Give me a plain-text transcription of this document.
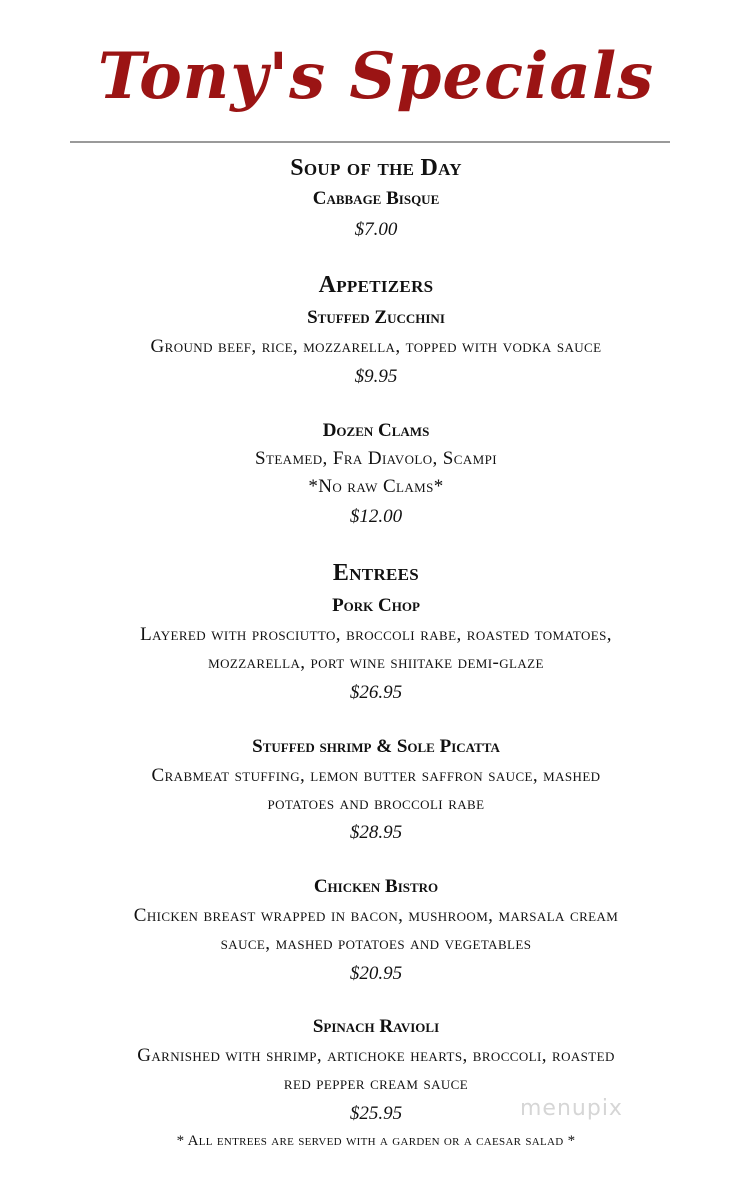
Tony's Specials
Soup of the Day
Cabbage Bisque
$7.00
Appetizers
Stuffed Zucchini
Ground beef, rice, mozzarella, topped with vodka sauce
$9.95
Dozen Clams
Steamed, Fra Diavolo, Scampi
*No raw Clams*
$12.00
Entrees
Pork Chop
Layered with prosciutto, broccoli rabe, roasted tomatoes,
mozzarella, port wine shiitake demi-glaze
$26.95
Stuffed shrimp & Sole Picatta
Crabmeat stuffing, lemon butter saffron sauce, mashed
potatoes and broccoli rabe
$28.95
Chicken Bistro
Chicken breast wrapped in bacon, mushroom, marsala cream
sauce, mashed potatoes and vegetables
$20.95
Spinach Ravioli
Garnished with shrimp, artichoke hearts, broccoli, roasted
red pepper cream sauce
$25.95
* All entrees are served with a garden or a caesar salad *
menupix
